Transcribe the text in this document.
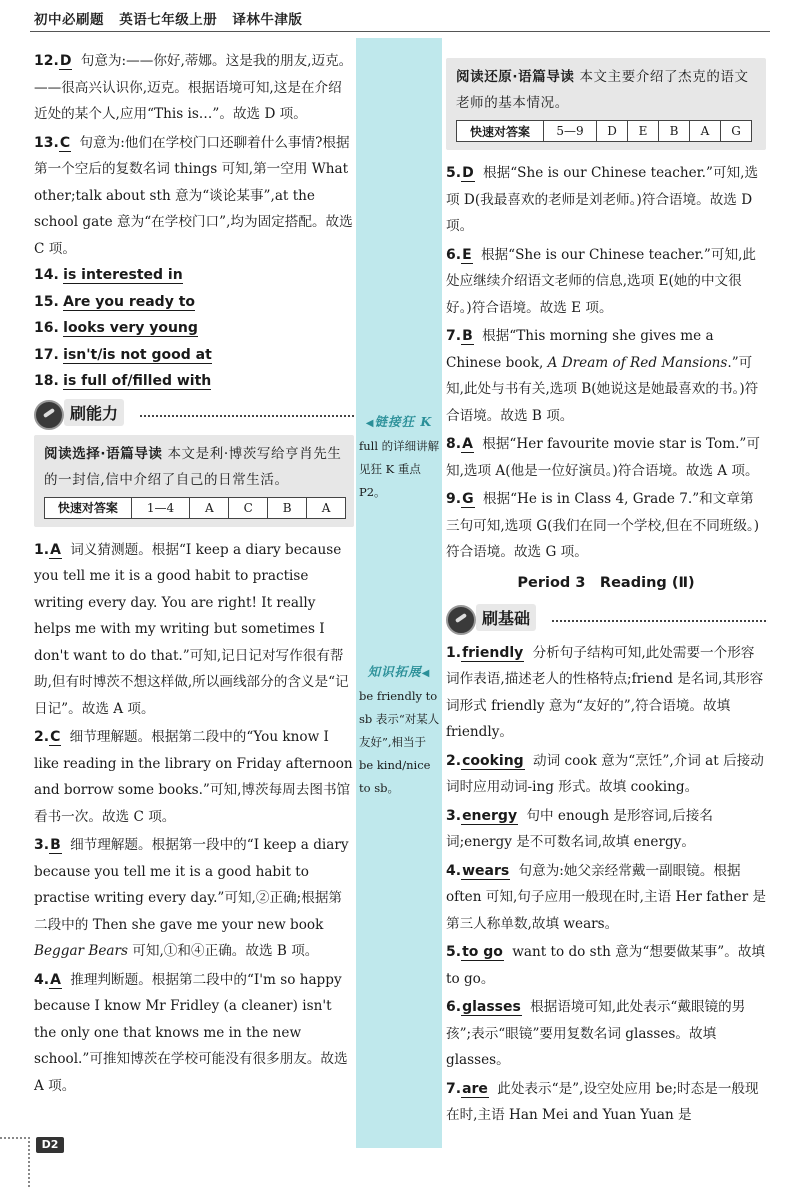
初中必刷题 英语七年级上册 译林牛津版
12.D 句意为:——你好,蒂娜。这是我的朋友,迈克。——很高兴认识你,迈克。根据语境可知,这是在介绍近处的某个人,应用“This is…”。故选 D 项。
13.C 句意为:他们在学校门口还聊着什么事情?根据第一个空后的复数名词 things 可知,第一空用 What other;talk about sth 意为“谈论某事”,at the school gate 意为“在学校门口”,均为固定搭配。故选 C 项。
14. is interested in
15. Are you ready to
16. looks very young
17. isn't/is not good at
18. is full of/filled with
刷能力
阅读选择·语篇导读 本文是利·博茨写给亨肖先生的一封信,信中介绍了自己的日常生活。
快速对答案	1—4	A	C	B	A
1.A 词义猜测题。根据“I keep a diary because you tell me it is a good habit to practise writing every day. You are right! It really helps me with my writing but sometimes I don't want to do that.”可知,记日记对写作很有帮助,但有时博茨不想这样做,所以画线部分的含义是“记日记”。故选 A 项。
2.C 细节理解题。根据第二段中的“You know I like reading in the library on Friday afternoon and borrow some books.”可知,博茨每周去图书馆看书一次。故选 C 项。
3.B 细节理解题。根据第一段中的“I keep a diary because you tell me it is a good habit to practise writing every day.”可知,②正确;根据第二段中的 Then she gave me your new book Beggar Bears 可知,①和④正确。故选 B 项。
4.A 推理判断题。根据第二段中的“I'm so happy because I know Mr Fridley (a cleaner) isn't the only one that knows me in the new school.”可推知博茨在学校可能没有很多朋友。故选 A 项。
◀链接狂 K
full 的详细讲解见狂 K 重点 P2。
知识拓展◀
be friendly to sb 表示“对某人友好”,相当于 be kind/nice to sb。
阅读还原·语篇导读 本文主要介绍了杰克的语文老师的基本情况。
快速对答案	5—9	D	E	B	A	G
5.D 根据“She is our Chinese teacher.”可知,选项 D(我最喜欢的老师是刘老师。)符合语境。故选 D 项。
6.E 根据“She is our Chinese teacher.”可知,此处应继续介绍语文老师的信息,选项 E(她的中文很好。)符合语境。故选 E 项。
7.B 根据“This morning she gives me a Chinese book, A Dream of Red Mansions.”可知,此处与书有关,选项 B(她说这是她最喜欢的书。)符合语境。故选 B 项。
8.A 根据“Her favourite movie star is Tom.”可知,选项 A(他是一位好演员。)符合语境。故选 A 项。
9.G 根据“He is in Class 4, Grade 7.”和文章第三句可知,选项 G(我们在同一个学校,但在不同班级。)符合语境。故选 G 项。
Period 3　Reading (Ⅱ)
刷基础
1.friendly 分析句子结构可知,此处需要一个形容词作表语,描述老人的性格特点;friend 是名词,其形容词形式 friendly 意为“友好的”,符合语境。故填 friendly。
2.cooking 动词 cook 意为“烹饪”,介词 at 后接动词时应用动词-ing 形式。故填 cooking。
3.energy 句中 enough 是形容词,后接名词;energy 是不可数名词,故填 energy。
4.wears 句意为:她父亲经常戴一副眼镜。根据 often 可知,句子应用一般现在时,主语 Her father 是第三人称单数,故填 wears。
5.to go want to do sth 意为“想要做某事”。故填 to go。
6.glasses 根据语境可知,此处表示“戴眼镜的男孩”;表示“眼镜”要用复数名词 glasses。故填 glasses。
7.are 此处表示“是”,设空处应用 be;时态是一般现在时,主语 Han Mei and Yuan Yuan 是
D2
